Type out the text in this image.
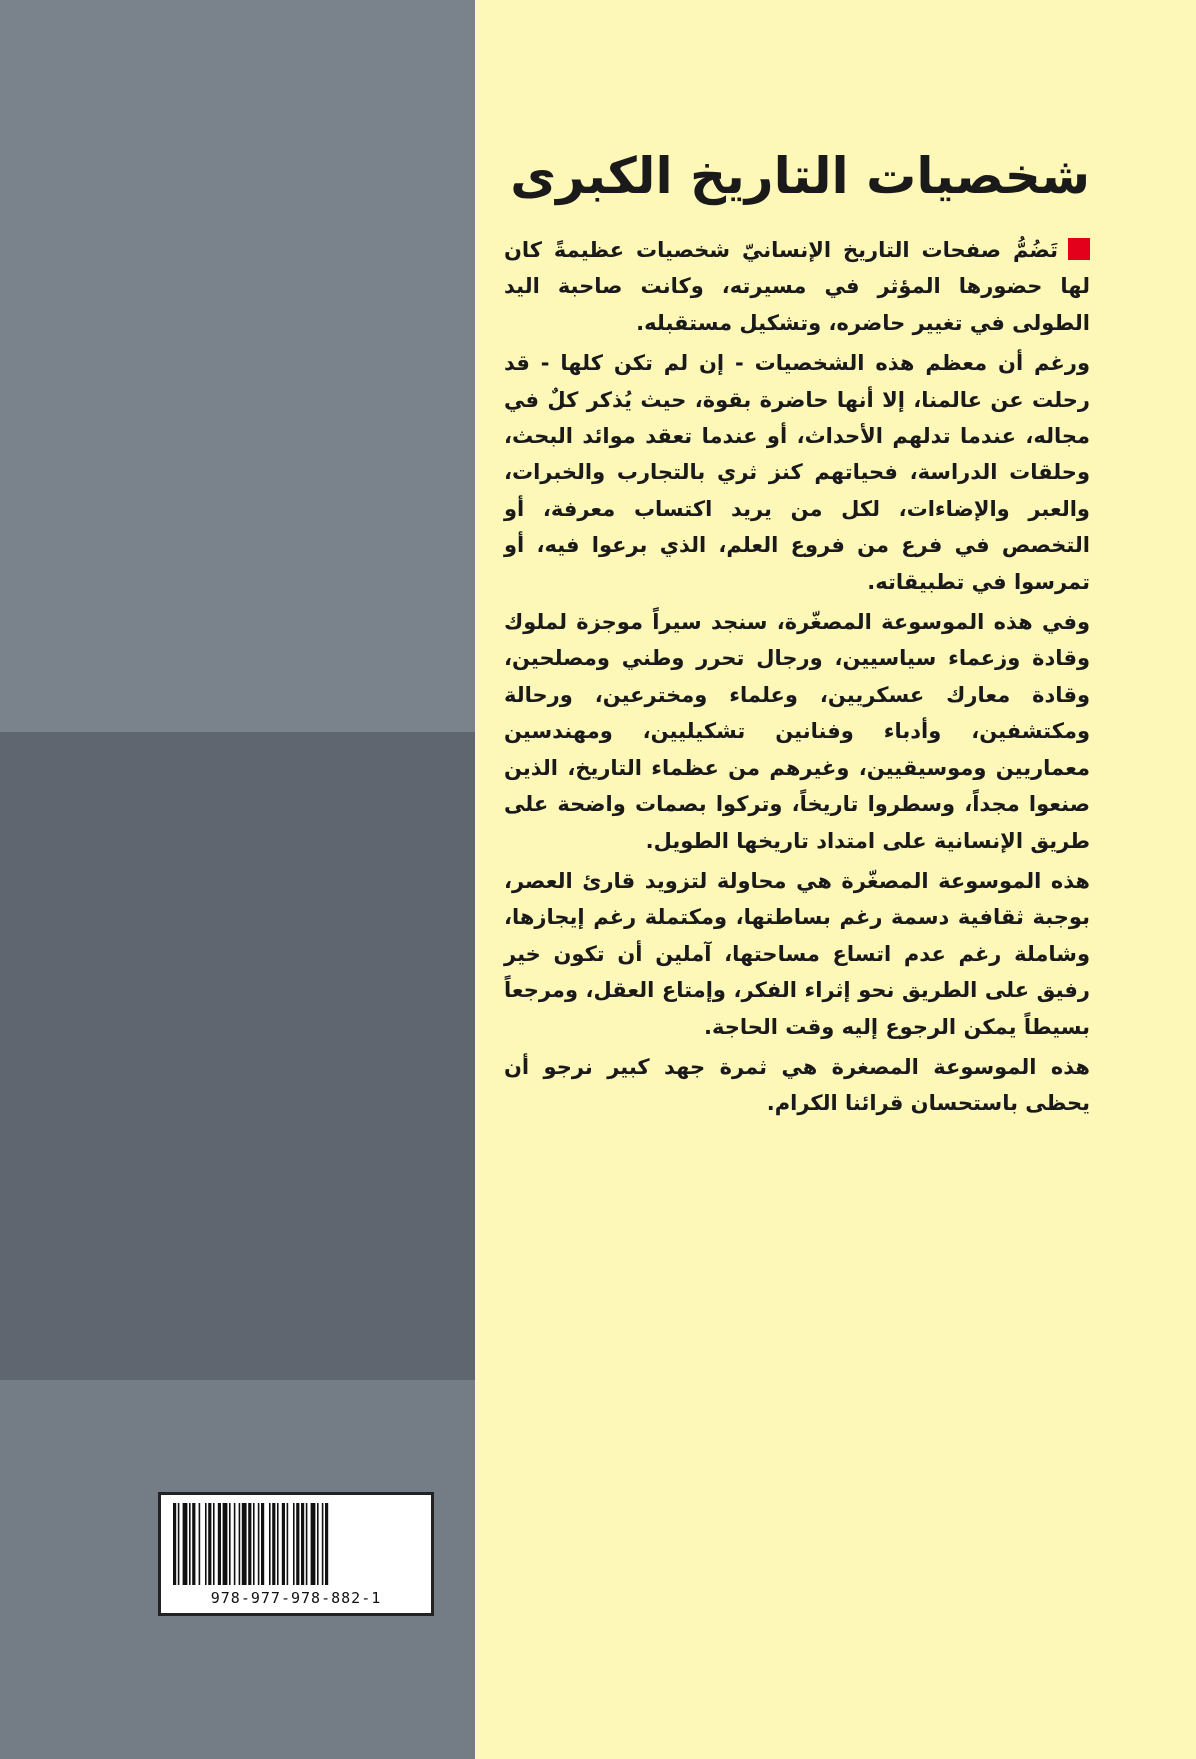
978-977-978-882-1
شخصيات التاريخ الكبرى

تَضُمُّ صفحات التاريخ الإنسانيّ شخصيات عظيمةً كان لها حضورها المؤثر في مسيرته، وكانت صاحبة اليد الطولى في تغيير حاضره، وتشكيل مستقبله.

ورغم أن معظم هذه الشخصيات - إن لم تكن كلها - قد رحلت عن عالمنا، إلا أنها حاضرة بقوة، حيث يُذكر كلٌ في مجاله، عندما تدلهم الأحداث، أو عندما تعقد موائد البحث، وحلقات الدراسة، فحياتهم كنز ثري بالتجارب والخبرات، والعبر والإضاءات، لكل من يريد اكتساب معرفة، أو التخصص في فرع من فروع العلم، الذي برعوا فيه، أو تمرسوا في تطبيقاته.

وفي هذه الموسوعة المصغّرة، سنجد سيراً موجزة لملوك وقادة وزعماء سياسيين، ورجال تحرر وطني ومصلحين، وقادة معارك عسكريين، وعلماء ومخترعين، ورحالة ومكتشفين، وأدباء وفنانين تشكيليين، ومهندسين معماريين وموسيقيين، وغيرهم من عظماء التاريخ، الذين صنعوا مجداً، وسطروا تاريخاً، وتركوا بصمات واضحة على طريق الإنسانية على امتداد تاريخها الطويل.

هذه الموسوعة المصغّرة هي محاولة لتزويد قارئ العصر، بوجبة ثقافية دسمة رغم بساطتها، ومكتملة رغم إيجازها، وشاملة رغم عدم اتساع مساحتها، آملين أن تكون خير رفيق على الطريق نحو إثراء الفكر، وإمتاع العقل، ومرجعاً بسيطاً يمكن الرجوع إليه وقت الحاجة.

هذه الموسوعة المصغرة هي ثمرة جهد كبير نرجو أن يحظى باستحسان قرائنا الكرام.
